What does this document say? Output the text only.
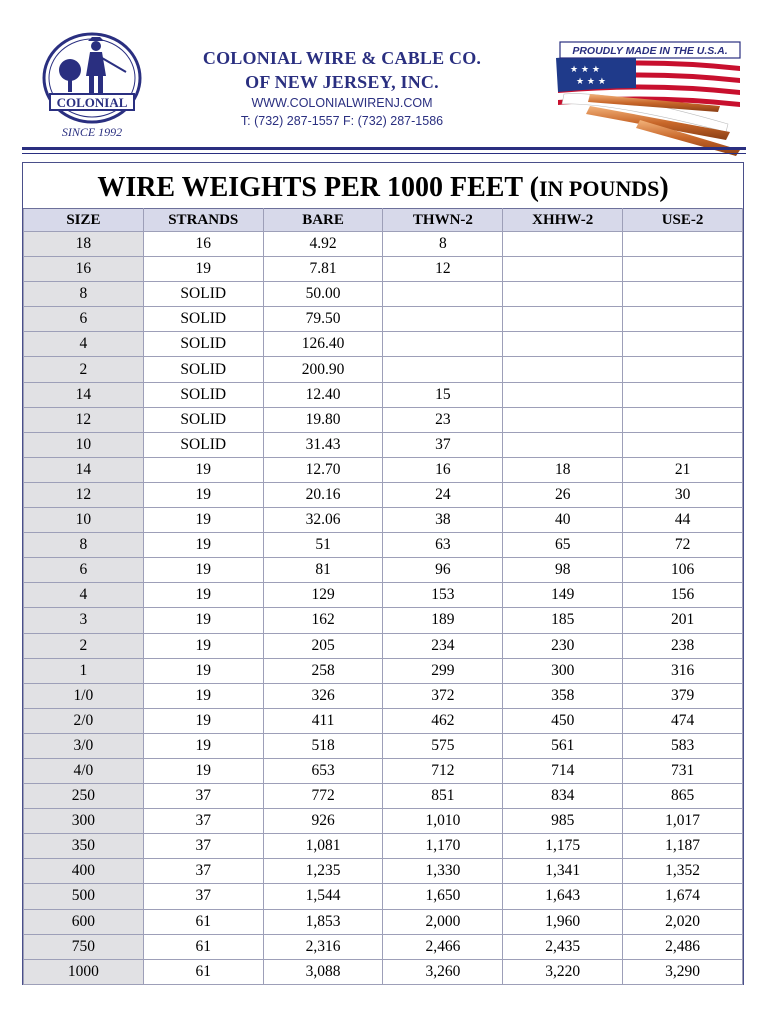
COLONIAL
SINCE 1992
COLONIAL WIRE & CABLE CO.
OF NEW JERSEY, INC.
WWW.COLONIALWIRENJ.COM
T: (732) 287-1557 F: (732) 287-1586
★ ★ ★
★ ★ ★
PROUDLY MADE IN THE U.S.A.
WIRE WEIGHTS PER 1000 FEET (IN POUNDS)
SIZE	STRANDS	BARE	THWN-2	XHHW-2	USE-2
18	16	4.92	8		
16	19	7.81	12		
8	SOLID	50.00			
6	SOLID	79.50			
4	SOLID	126.40			
2	SOLID	200.90			
14	SOLID	12.40	15		
12	SOLID	19.80	23		
10	SOLID	31.43	37		
14	19	12.70	16	18	21
12	19	20.16	24	26	30
10	19	32.06	38	40	44
8	19	51	63	65	72
6	19	81	96	98	106
4	19	129	153	149	156
3	19	162	189	185	201
2	19	205	234	230	238
1	19	258	299	300	316
1/0	19	326	372	358	379
2/0	19	411	462	450	474
3/0	19	518	575	561	583
4/0	19	653	712	714	731
250	37	772	851	834	865
300	37	926	1,010	985	1,017
350	37	1,081	1,170	1,175	1,187
400	37	1,235	1,330	1,341	1,352
500	37	1,544	1,650	1,643	1,674
600	61	1,853	2,000	1,960	2,020
750	61	2,316	2,466	2,435	2,486
1000	61	3,088	3,260	3,220	3,290
